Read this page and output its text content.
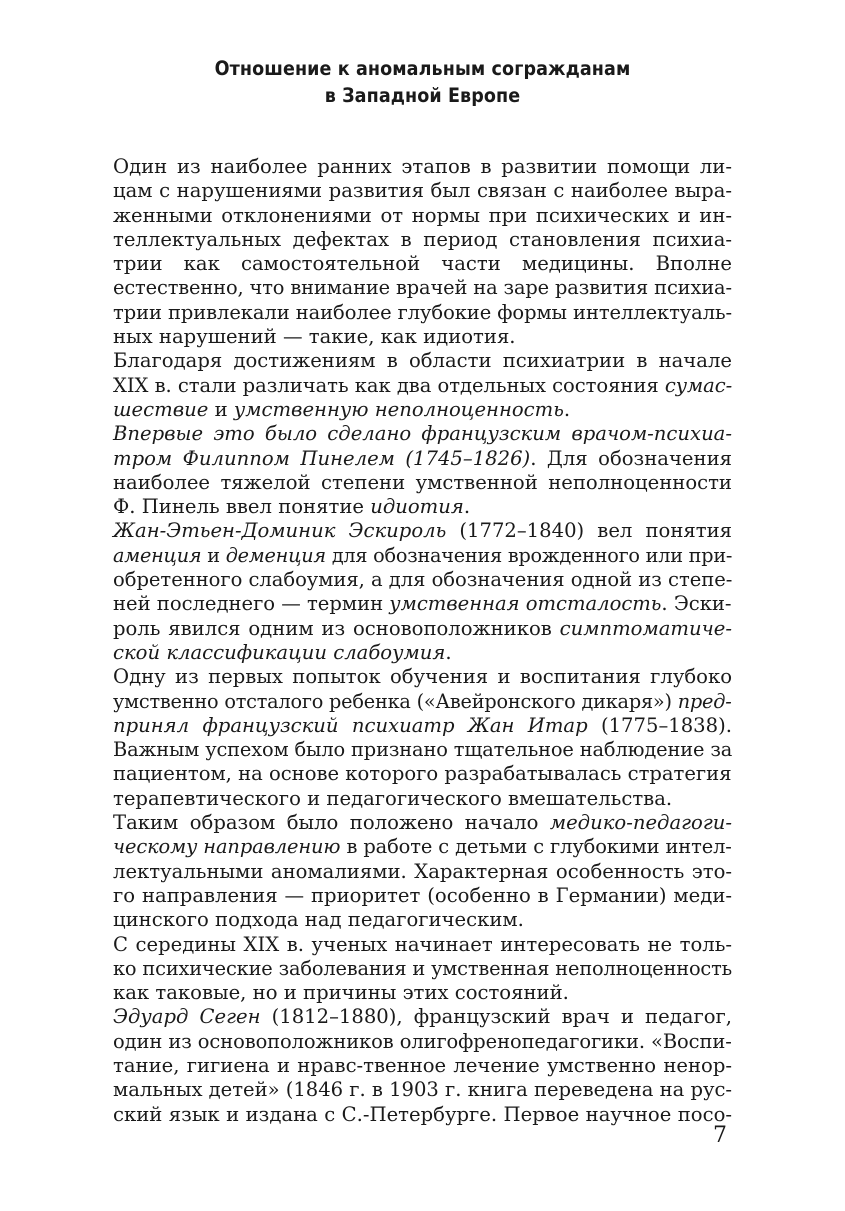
Отношение к аномальным согражданам
в Западной Европе
Один из наиболее ранних этапов в развитии помощи ли-
цам с нарушениями развития был связан с наиболее выра-
женными отклонениями от нормы при психических и ин-
теллектуальных дефектах в период становления психиа-
трии как самостоятельной части медицины. Вполне
естественно, что внимание врачей на заре развития психиа-
трии привлекали наиболее глубокие формы интеллектуаль-
ных нарушений — такие, как идиотия.
Благодаря достижениям в области психиатрии в начале
XIX в. стали различать как два отдельных состояния сумас-
шествие и умственную неполноценность.
Впервые это было сделано французским врачом-психиа-
тром Филиппом Пинелем (1745–1826). Для обозначения
наиболее тяжелой степени умственной неполноценности
Ф. Пинель ввел понятие идиотия.
Жан-Этьен-Доминик Эскироль (1772–1840) вел понятия
аменция и деменция для обозначения врожденного или при-
обретенного слабоумия, а для обозначения одной из степе-
ней последнего — термин умственная отсталость. Эски-
роль явился одним из основоположников симптоматиче-
ской классификации слабоумия.
Одну из первых попыток обучения и воспитания глубоко
умственно отсталого ребенка («Авейронского дикаря») пред-
принял французский психиатр Жан Итар (1775–1838).
Важным успехом было признано тщательное наблюдение за
пациентом, на основе которого разрабатывалась стратегия
терапевтического и педагогического вмешательства.
Таким образом было положено начало медико-педагоги-
ческому направлению в работе с детьми с глубокими интел-
лектуальными аномалиями. Характерная особенность это-
го направления — приоритет (особенно в Германии) меди-
цинского подхода над педагогическим.
С середины XIX в. ученых начинает интересовать не толь-
ко психические заболевания и умственная неполноценность
как таковые, но и причины этих состояний.
Эдуард Сеген (1812–1880), французский врач и педагог,
один из основоположников олигофренопедагогики. «Воспи-
тание, гигиена и нравс-твенное лечение умственно ненор-
мальных детей» (1846 г. в 1903 г. книга переведена на рус-
ский язык и издана с С.-Петербурге. Первое научное посо-
7
